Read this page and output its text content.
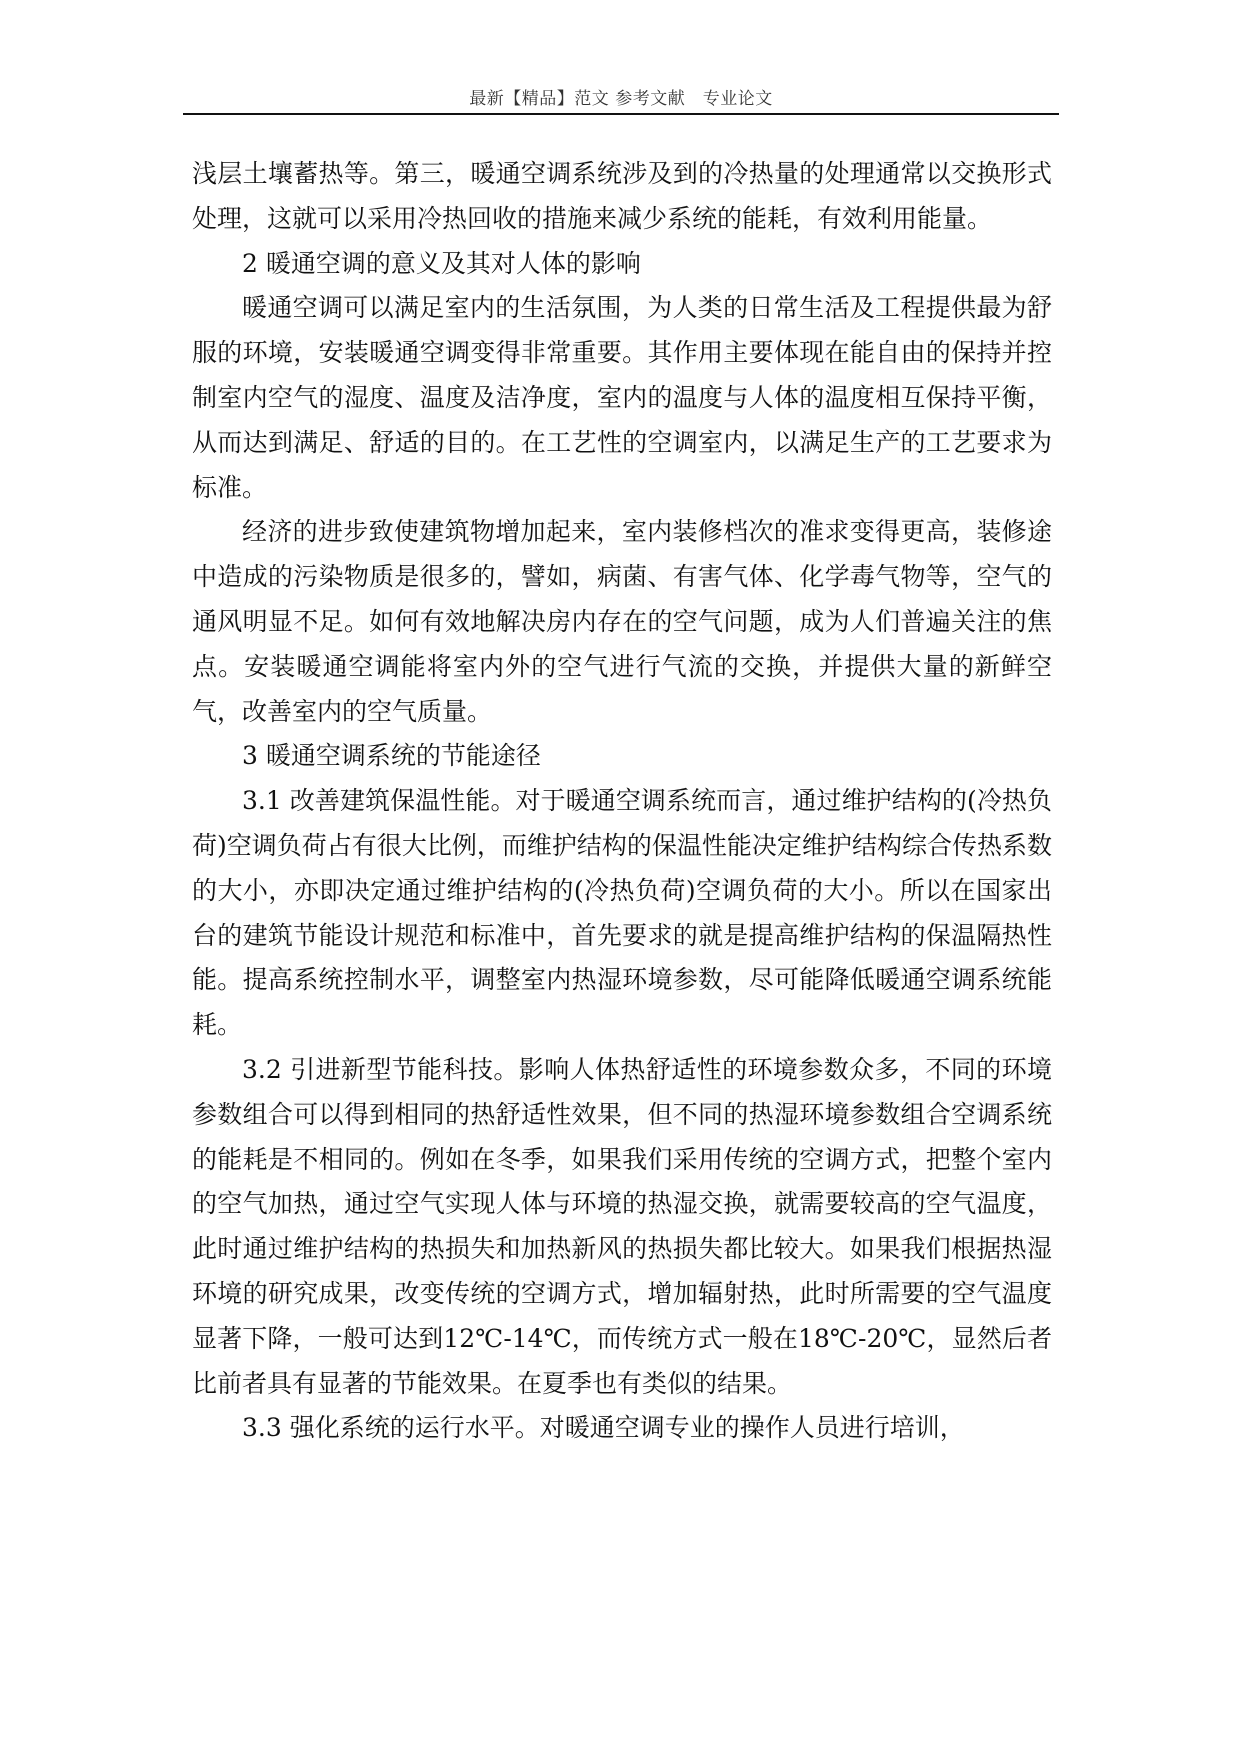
最新【精品】范文 参考文献　专业论文

浅层土壤蓄热等。第三，暖通空调系统涉及到的冷热量的处理通常以交换形式处理，这就可以采用冷热回收的措施来减少系统的能耗，有效利用能量。

2 暖通空调的意义及其对人体的影响

暖通空调可以满足室内的生活氛围，为人类的日常生活及工程提供最为舒服的环境，安装暖通空调变得非常重要。其作用主要体现在能自由的保持并控制室内空气的湿度、温度及洁净度，室内的温度与人体的温度相互保持平衡，从而达到满足、舒适的目的。在工艺性的空调室内，以满足生产的工艺要求为标准。

经济的进步致使建筑物增加起来，室内装修档次的准求变得更高，装修途中造成的污染物质是很多的，譬如，病菌、有害气体、化学毒气物等，空气的通风明显不足。如何有效地解决房内存在的空气问题，成为人们普遍关注的焦点。安装暖通空调能将室内外的空气进行气流的交换，并提供大量的新鲜空气，改善室内的空气质量。

3 暖通空调系统的节能途径

3.1 改善建筑保温性能。对于暖通空调系统而言，通过维护结构的(冷热负荷)空调负荷占有很大比例，而维护结构的保温性能决定维护结构综合传热系数的大小，亦即决定通过维护结构的(冷热负荷)空调负荷的大小。所以在国家出台的建筑节能设计规范和标准中，首先要求的就是提高维护结构的保温隔热性能。提高系统控制水平，调整室内热湿环境参数，尽可能降低暖通空调系统能耗。

3.2 引进新型节能科技。影响人体热舒适性的环境参数众多，不同的环境参数组合可以得到相同的热舒适性效果，但不同的热湿环境参数组合空调系统的能耗是不相同的。例如在冬季，如果我们采用传统的空调方式，把整个室内的空气加热，通过空气实现人体与环境的热湿交换，就需要较高的空气温度，此时通过维护结构的热损失和加热新风的热损失都比较大。如果我们根据热湿环境的研究成果，改变传统的空调方式，增加辐射热，此时所需要的空气温度显著下降，一般可达到12℃-14℃，而传统方式一般在18℃-20℃，显然后者比前者具有显著的节能效果。在夏季也有类似的结果。

3.3 强化系统的运行水平。对暖通空调专业的操作人员进行培训，
